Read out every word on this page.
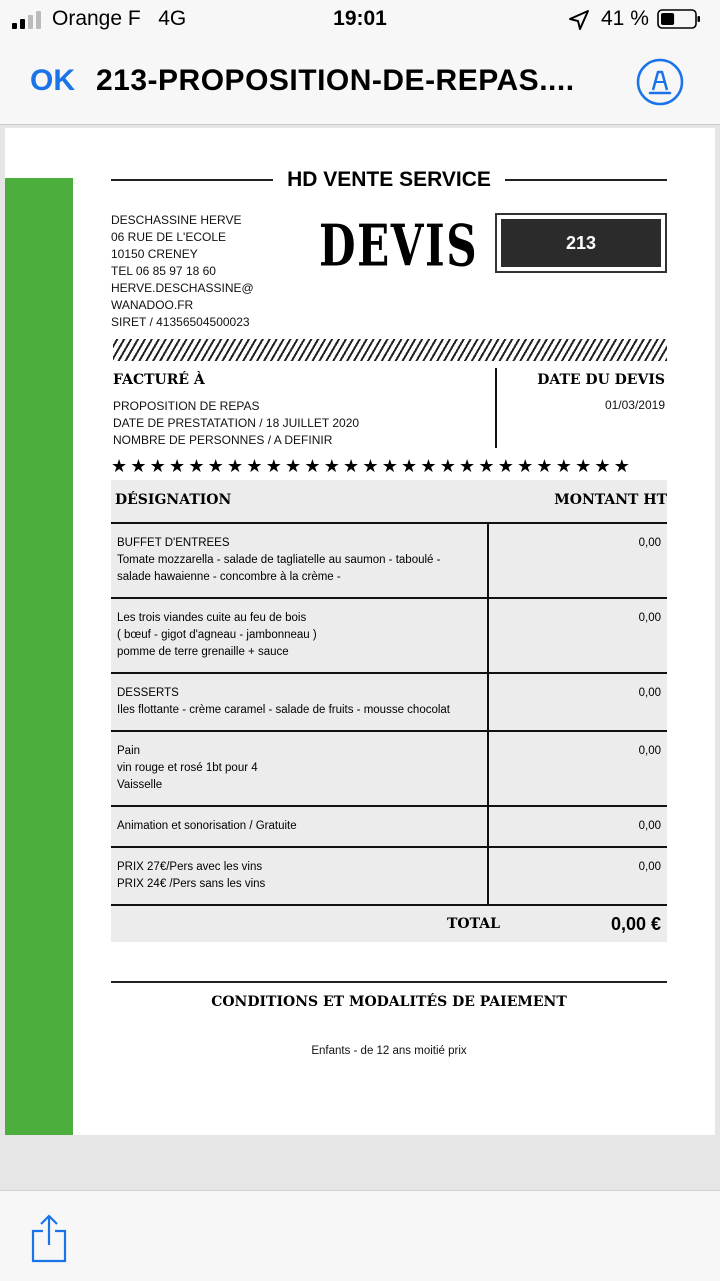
Orange F 4G	19:01	41 %
OK 213-PROPOSITION-DE-REPAS....
HD VENTE SERVICE
DESCHASSINE HERVE
06 RUE DE L'ECOLE
10150 CRENEY
TEL 06 85 97 18 60
HERVE.DESCHASSINE@
WANADOO.FR
SIRET / 41356504500023
DEVIS	213
FACTURÉ À
PROPOSITION DE REPAS
DATE DE PRESTATATION / 18 JUILLET 2020
NOMBRE DE PERSONNES / A DEFINIR
DATE DU DEVIS
01/03/2019
★★★★★★★★★★★★★★★★★★★★★★★★★★★
DÉSIGNATION	MONTANT HT
BUFFET D'ENTREES
Tomate mozzarella - salade de tagliatelle au saumon - taboulé -
salade hawaienne - concombre à la crème -
0,00
Les trois viandes cuite au feu de bois
( bœuf - gigot d'agneau - jambonneau )
pomme de terre grenaille + sauce
0,00
DESSERTS
Iles flottante - crème caramel - salade de fruits - mousse chocolat
0,00
Pain
vin rouge et rosé 1bt pour 4
Vaisselle
0,00
Animation et sonorisation / Gratuite	0,00
PRIX 27€/Pers avec les vins
PRIX 24€ /Pers sans les vins
0,00
TOTAL	0,00 €
CONDITIONS ET MODALITÉS DE PAIEMENT
Enfants - de 12 ans moitié prix
